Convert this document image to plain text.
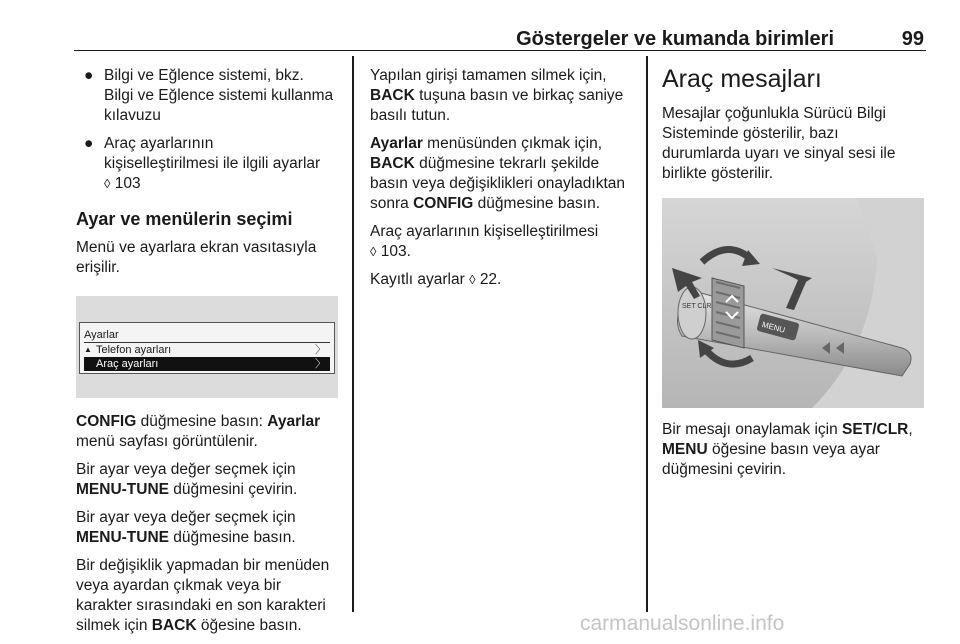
Göstergeler ve kumanda birimleri	99
● Bilgi ve Eğlence sistemi, bkz.
Bilgi ve Eğlence sistemi kullanma
kılavuzu
● Araç ayarlarının
kişiselleştirilmesi ile ilgili ayarlar
◊ 103
Ayar ve menülerin seçimi

Menü ve ayarlara ekran vasıtasıyla
erişilir.

Ayarlar
▲ Telefon ayarları	〉
Araç ayarları	〉

CONFIG düğmesine basın: Ayarlar
menü sayfası görüntülenir.

Bir ayar veya değer seçmek için
MENU-TUNE düğmesini çevirin.

Bir ayar veya değer seçmek için
MENU-TUNE düğmesine basın.

Bir değişiklik yapmadan bir menüden
veya ayardan çıkmak veya bir
karakter sırasındaki en son karakteri
silmek için BACK öğesine basın.

Yapılan girişi tamamen silmek için,
BACK tuşuna basın ve birkaç saniye
basılı tutun.

Ayarlar menüsünden çıkmak için,
BACK düğmesine tekrarlı şekilde
basın veya değişiklikleri onayladıktan
sonra CONFIG düğmesine basın.

Araç ayarlarının kişiselleştirilmesi
◊ 103.

Kayıtlı ayarlar ◊ 22.

Araç mesajları

Mesajlar çoğunlukla Sürücü Bilgi
Sisteminde gösterilir, bazı
durumlarda uyarı ve sinyal sesi ile
birlikte gösterilir.

MENU
SET CLR

Bir mesajı onaylamak için SET/CLR,
MENU öğesine basın veya ayar
düğmesini çevirin.

carmanualsonline.info
